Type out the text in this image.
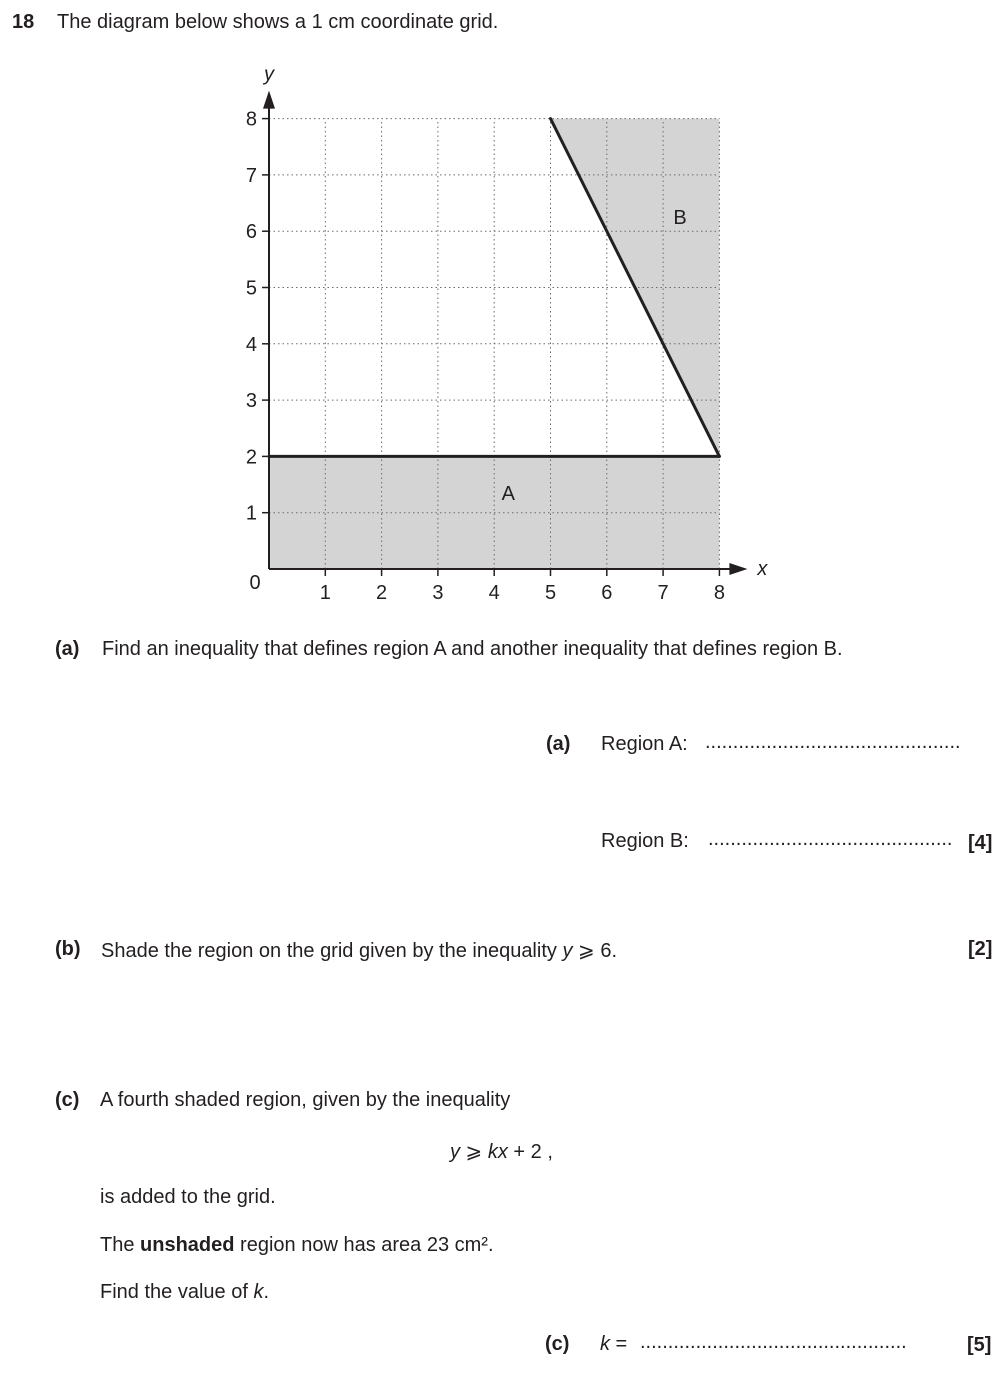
18 The diagram below shows a 1 cm coordinate grid.
1 2 3 4 5 6 7 8
1
2
3
4
5
6
7
8
0
y
x
A
B
(a) Find an inequality that defines region A and another inequality that defines region B.
(a) Region A: ..............................................
Region B: ............................................ [4]
(b) Shade the region on the grid given by the inequality y ⩾ 6.	[2]
(c) A fourth shaded region, given by the inequality
y ⩾ kx + 2 ,
is added to the grid.
The unshaded region now has area 23 cm².
Find the value of k.
(c) k = ................................................	[5]
